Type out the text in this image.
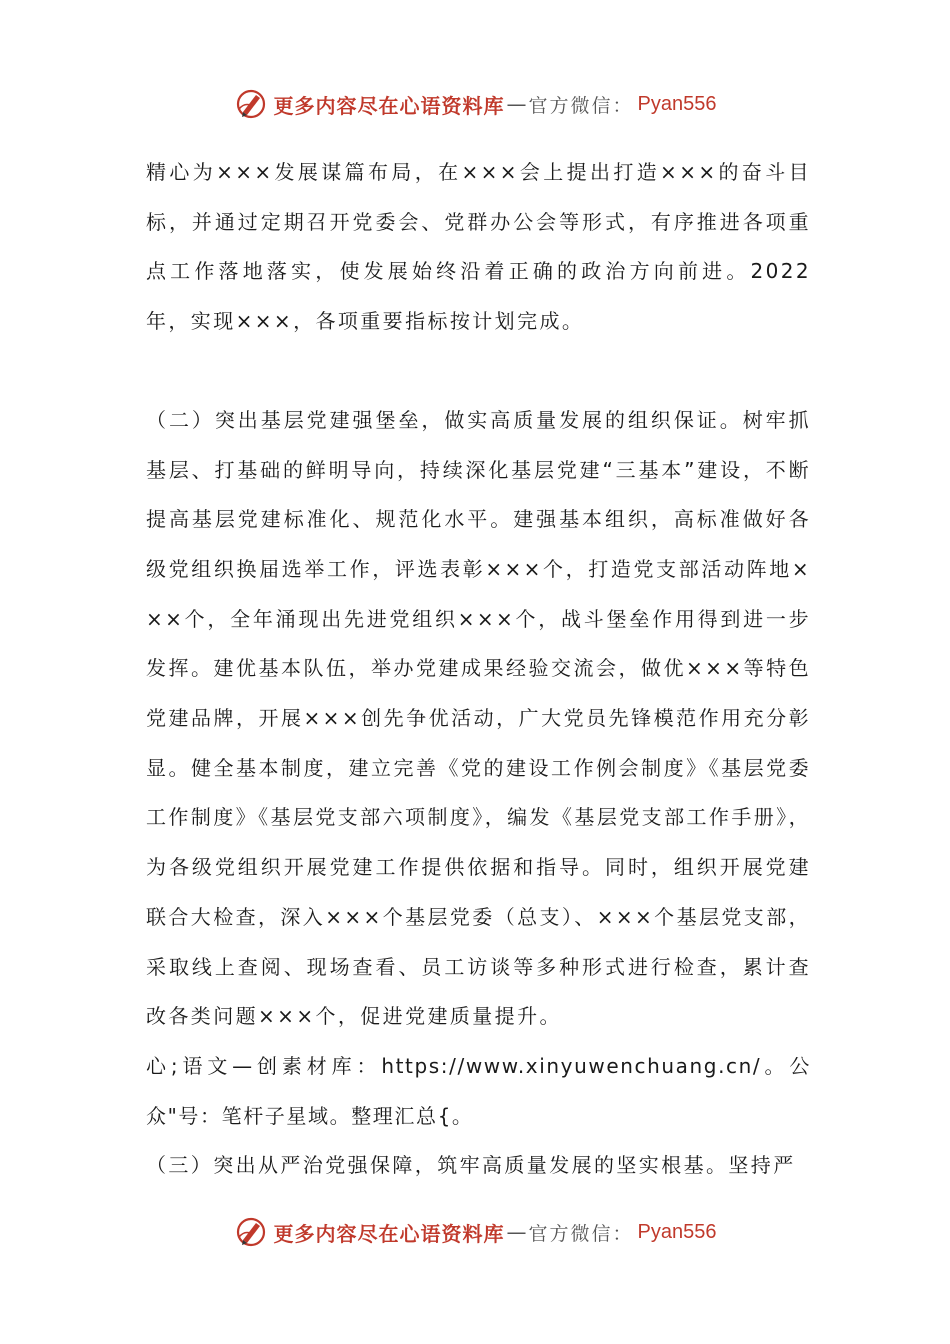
更多内容尽在心语资料库 — 官方微信： Pyan556

精心为×××发展谋篇布局，在×××会上提出打造×××的奋斗目标，并通过定期召开党委会、党群办公会等形式，有序推进各项重点工作落地落实，使发展始终沿着正确的政治方向前进。2022 年，实现×××，各项重要指标按计划完成。

（二）突出基层党建强堡垒，做实高质量发展的组织保证。树牢抓基层、打基础的鲜明导向，持续深化基层党建“三基本”建设，不断提高基层党建标准化、规范化水平。建强基本组织，高标准做好各级党组织换届选举工作，评选表彰×××个，打造党支部活动阵地×××个，全年涌现出先进党组织×××个，战斗堡垒作用得到进一步发挥。建优基本队伍，举办党建成果经验交流会，做优×××等特色党建品牌，开展×××创先争优活动，广大党员先锋模范作用充分彰显。健全基本制度，建立完善《党的建设工作例会制度》《基层党委工作制度》《基层党支部六项制度》，编发《基层党支部工作手册》，为各级党组织开展党建工作提供依据和指导。同时，组织开展党建联合大检查，深入×××个基层党委（总支）、×××个基层党支部，采取线上查阅、现场查看、员工访谈等多种形式进行检查，累计查改各类问题×××个，促进党建质量提升。

心;语文—创素材库：https://www.xinyuwenchuang.cn/。公众"号：笔杆子星域。整理汇总{。

（三）突出从严治党强保障，筑牢高质量发展的坚实根基。坚持严

更多内容尽在心语资料库 — 官方微信： Pyan556
